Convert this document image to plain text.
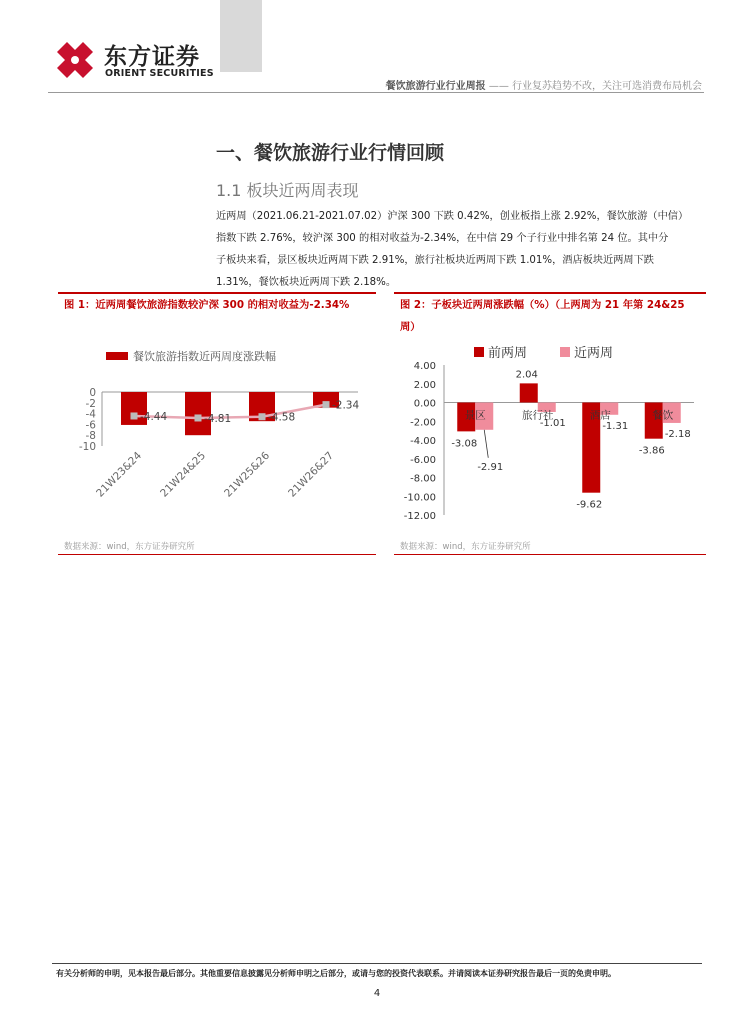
东方证券
ORIENT SECURITIES
餐饮旅游行业行业周报 —— 行业复苏趋势不改，关注可选消费布局机会
一、餐饮旅游行业行情回顾
1.1 板块近两周表现
近两周（2021.06.21-2021.07.02）沪深 300 下跌 0.42%，创业板指上涨 2.92%，餐饮旅游（中信）
指数下跌 2.76%，较沪深 300 的相对收益为-2.34%，在中信 29 个子行业中排名第 24 位。其中分
子板块来看，景区板块近两周下跌 2.91%，旅行社板块近两周下跌 1.01%，酒店板块近两周下跌
1.31%，餐饮板块近两周下跌 2.18%。
图 1：近两周餐饮旅游指数较沪深 300 的相对收益为-2.34%
餐饮旅游指数近两周度涨跌幅
0
-2
-4
-6
-8
-10
-4.44	-4.81	-4.58
-2.34
21W23&24 21W24&25 21W25&26 21W26&27
数据来源：wind，东方证券研究所
图 2：子板块近两周涨跌幅（%）（上两周为 21 年第 24&25 周）
前两周	近两周
4.00
2.00
0.00
-2.00
-4.00
-6.00
-8.00
-10.00
-12.00
景区
-3.08
-2.91
旅行社
2.04
-1.01
酒店
-9.62
-1.31
餐饮
-3.86
-2.18
数据来源：wind，东方证券研究所
有关分析师的申明，见本报告最后部分。其他重要信息披露见分析师申明之后部分，或请与您的投资代表联系。并请阅读本证券研究报告最后一页的免责申明。
4
